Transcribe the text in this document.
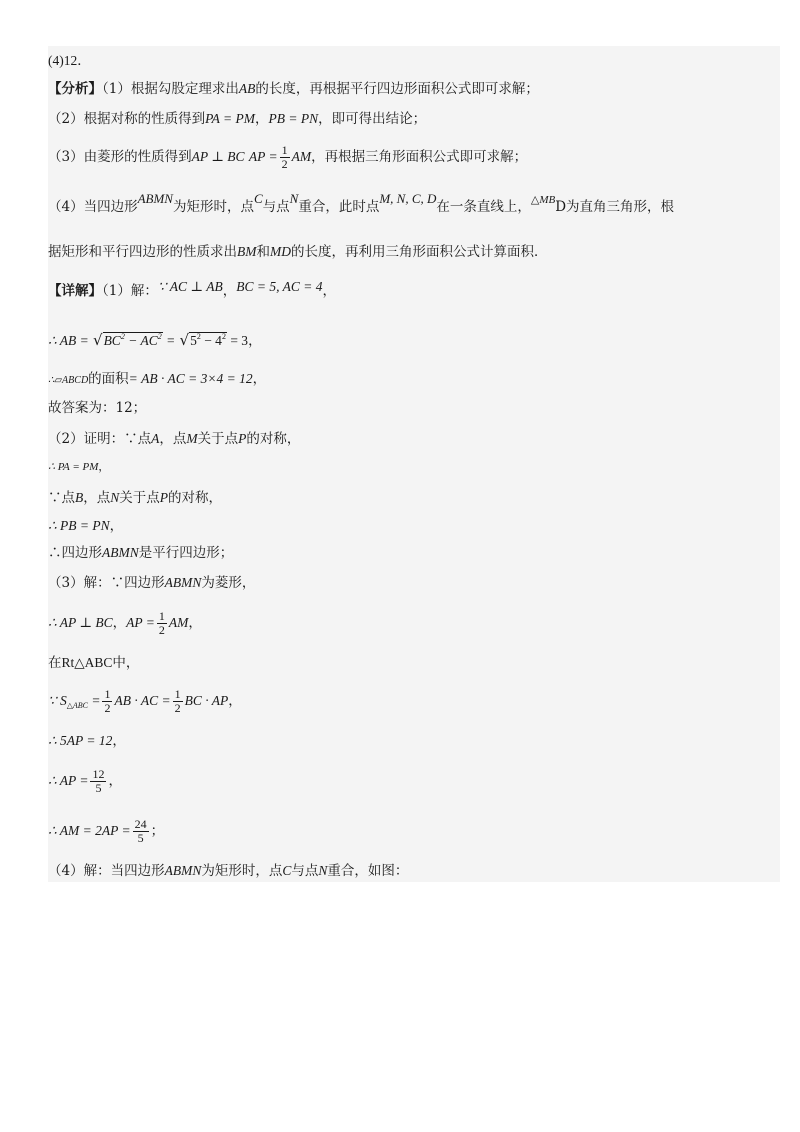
(4)12．
【分析】（1）根据勾股定理求出AB的长度，再根据平行四边形面积公式即可求解；
（2）根据对称的性质得到PA = PM，PB = PN，即可得出结论；
（3）由菱形的性质得到AP ⊥ BC AP = $\frac{1}{2}$ AM，再根据三角形面积公式即可求解；
（4）当四边形ABMN为矩形时，点C与点N重合，此时点M, N, C, D在一条直线上，$^{\triangle MB}$D为直角三角形，根
据矩形和平行四边形的性质求出BM和MD的长度，再利用三角形面积公式计算面积．
【详解】（1）解：∵ AC ⊥ AB，BC = 5, AC = 4，
∴ AB = $√BC^2 - AC^2 = √5^2 - 4^2 = 3$，
∴▱ABCD的面积= AB · AC = 3×4 = 12，
故答案为：12；
（2）证明：∵点A，点M关于点P的对称，
∴ PA = PM，
∵点B，点N关于点P的对称，
∴ PB = PN，
∴四边形ABMN是平行四边形；
（3）解：∵四边形ABMN为菱形，
∴ AP ⊥ BC，AP = $\frac{1}{2}$ AM，
在Rt△ABC中，
∵ $S_{\triangle ABC} = \frac{1}{2}$ AB · AC = $\frac{1}{2}$ BC · AP，
∴ 5AP = 12，
∴ AP = $\frac{12}{5}$ ，
∴ AM = $2AP = \frac{24}{5}$ ；
（4）解：当四边形ABMN为矩形时，点C与点N重合，如图：
